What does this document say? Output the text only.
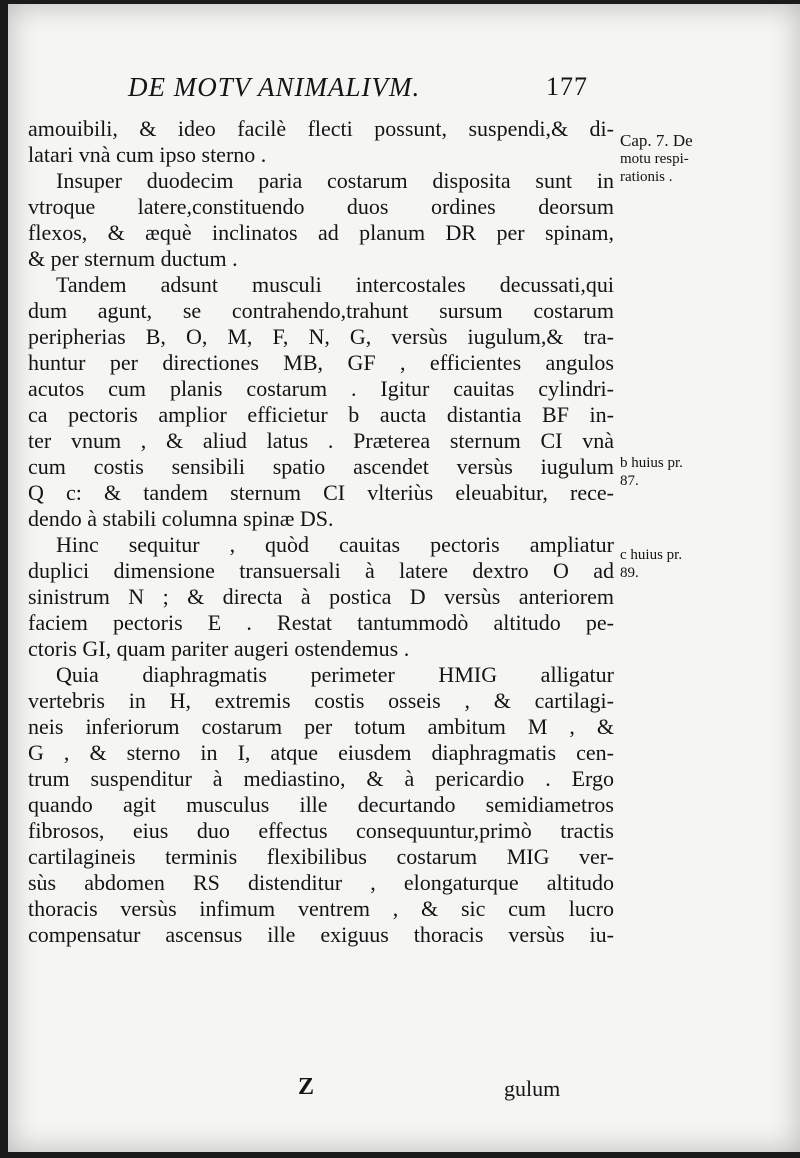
DE MOTV ANIMALIVM.	177
amouibili, & ideo facilè flecti possunt, suspendi,& di-
latari vnà cum ipso sterno .
Insuper duodecim paria costarum disposita sunt in
vtroque latere,constituendo duos ordines deorsum
flexos, & æquè inclinatos ad planum DR per spinam,
& per sternum ductum .
Tandem adsunt musculi intercostales decussati,qui
dum agunt, se contrahendo,trahunt sursum costarum
peripherias B, O, M, F, N, G, versùs iugulum,& tra-
huntur per directiones MB, GF , efficientes angulos
acutos cum planis costarum . Igitur cauitas cylindri-
ca pectoris amplior efficietur b aucta distantia BF in-
ter vnum , & aliud latus . Præterea sternum CI vnà
cum costis sensibili spatio ascendet versùs iugulum
Q c: & tandem sternum CI vlteriùs eleuabitur, rece-
dendo à stabili columna spinæ DS.
Hinc sequitur , quòd cauitas pectoris ampliatur
duplici dimensione transuersali à latere dextro O ad
sinistrum N ; & directa à postica D versùs anteriorem
faciem pectoris E . Restat tantummodò altitudo pe-
ctoris GI, quam pariter augeri ostendemus .
Quia diaphragmatis perimeter HMIG alligatur
vertebris in H, extremis costis osseis , & cartilagi-
neis inferiorum costarum per totum ambitum M , &
G , & sterno in I, atque eiusdem diaphragmatis cen-
trum suspenditur à mediastino, & à pericardio . Ergo
quando agit musculus ille decurtando semidiametros
fibrosos, eius duo effectus consequuntur,primò tractis
cartilagineis terminis flexibilibus costarum MIG ver-
sùs abdomen RS distenditur , elongaturque altitudo
thoracis versùs infimum ventrem , & sic cum lucro
compensatur ascensus ille exiguus thoracis versùs iu-
Cap. 7. De
motu respi-
rationis .
b huius pr.
87.
c huius pr.
89.
Z	gulum
